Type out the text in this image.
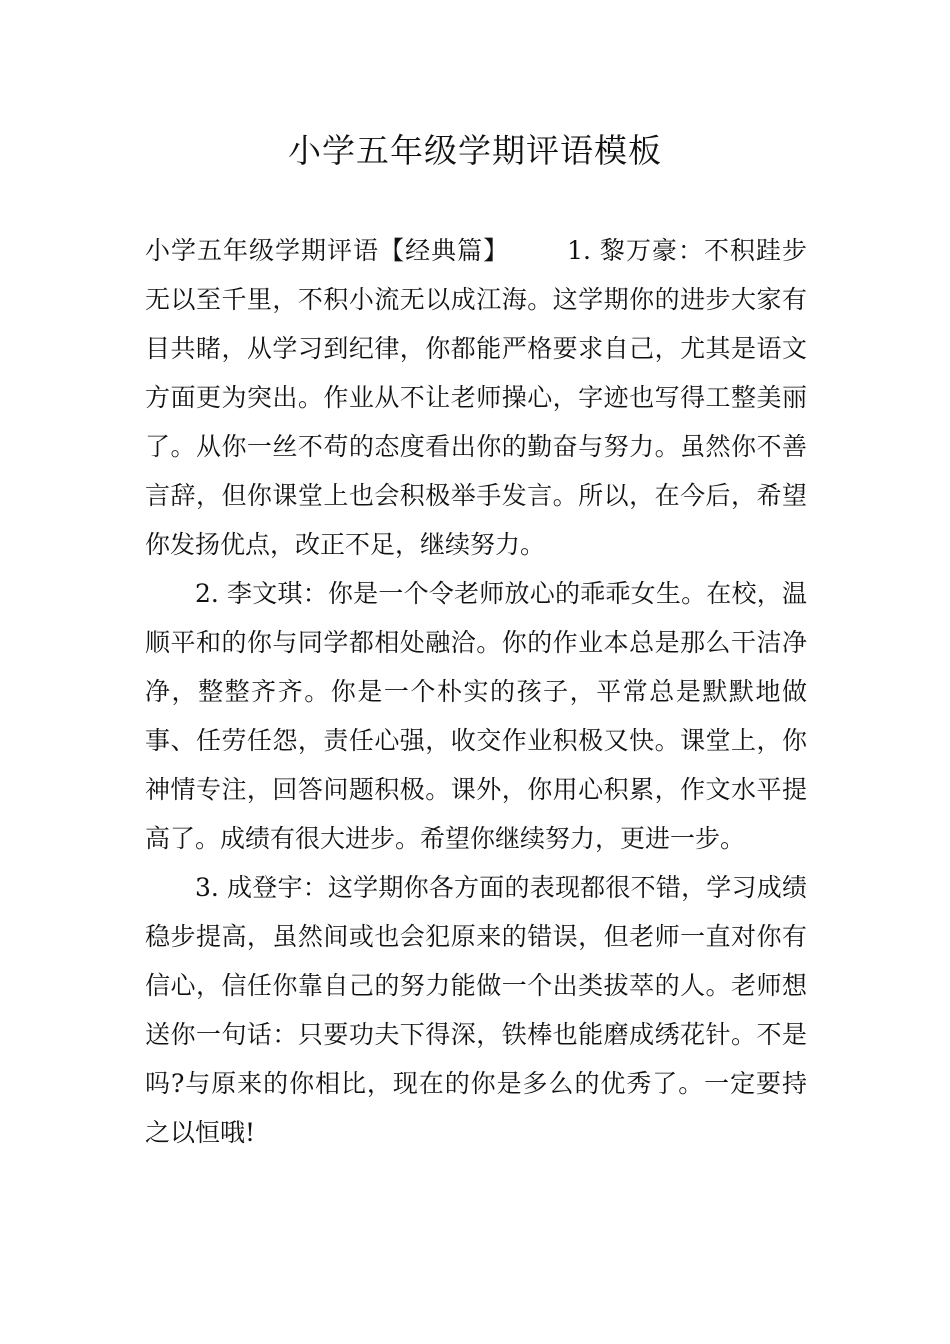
小学五年级学期评语模板

小学五年级学期评语【经典篇】 1. 黎万豪：不积跬步无以至千里，不积小流无以成江海。这学期你的进步大家有目共睹，从学习到纪律，你都能严格要求自己，尤其是语文方面更为突出。作业从不让老师操心，字迹也写得工整美丽了。从你一丝不苟的态度看出你的勤奋与努力。虽然你不善言辞，但你课堂上也会积极举手发言。所以，在今后，希望你发扬优点，改正不足，继续努力。

2. 李文琪：你是一个令老师放心的乖乖女生。在校，温顺平和的你与同学都相处融洽。你的作业本总是那么干洁净净，整整齐齐。你是一个朴实的孩子，平常总是默默地做事、任劳任怨，责任心强，收交作业积极又快。课堂上，你神情专注，回答问题积极。课外，你用心积累，作文水平提高了。成绩有很大进步。希望你继续努力，更进一步。

3. 成登宇：这学期你各方面的表现都很不错，学习成绩稳步提高，虽然间或也会犯原来的错误，但老师一直对你有信心，信任你靠自己的努力能做一个出类拔萃的人。老师想送你一句话：只要功夫下得深，铁棒也能磨成绣花针。不是吗?与原来的你相比，现在的你是多么的优秀了。一定要持之以恒哦!
